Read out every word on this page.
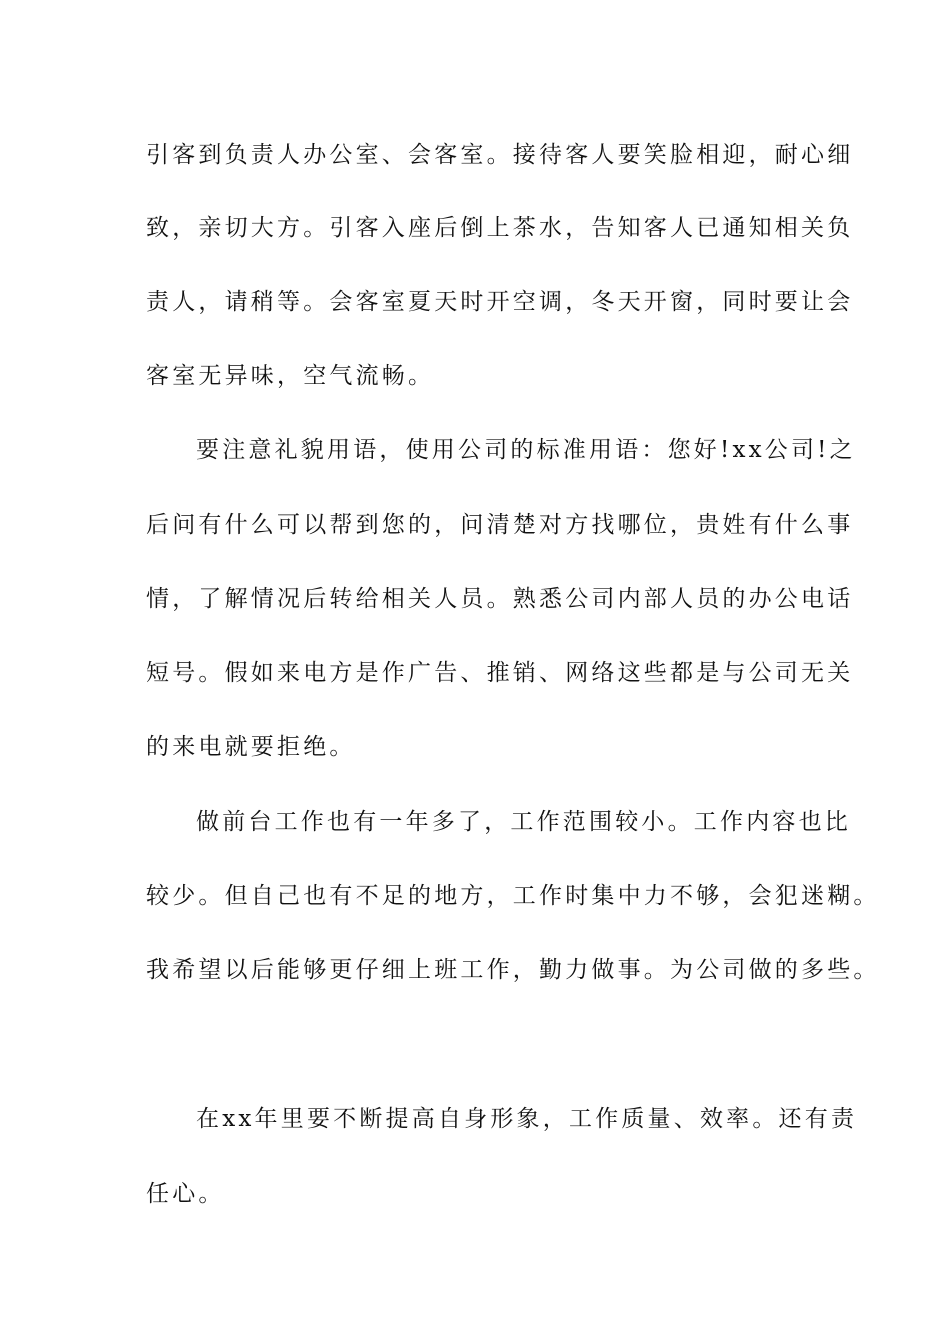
引客到负责人办公室、会客室。接待客人要笑脸相迎，耐心细
致，亲切大方。引客入座后倒上茶水，告知客人已通知相关负
责人，请稍等。会客室夏天时开空调，冬天开窗，同时要让会
客室无异味，空气流畅。
要注意礼貌用语，使用公司的标准用语：您好!xx公司!之
后问有什么可以帮到您的，问清楚对方找哪位，贵姓有什么事
情，了解情况后转给相关人员。熟悉公司内部人员的办公电话
短号。假如来电方是作广告、推销、网络这些都是与公司无关
的来电就要拒绝。
做前台工作也有一年多了，工作范围较小。工作内容也比
较少。但自己也有不足的地方，工作时集中力不够，会犯迷糊。
我希望以后能够更仔细上班工作，勤力做事。为公司做的多些。
在xx年里要不断提高自身形象，工作质量、效率。还有责
任心。
